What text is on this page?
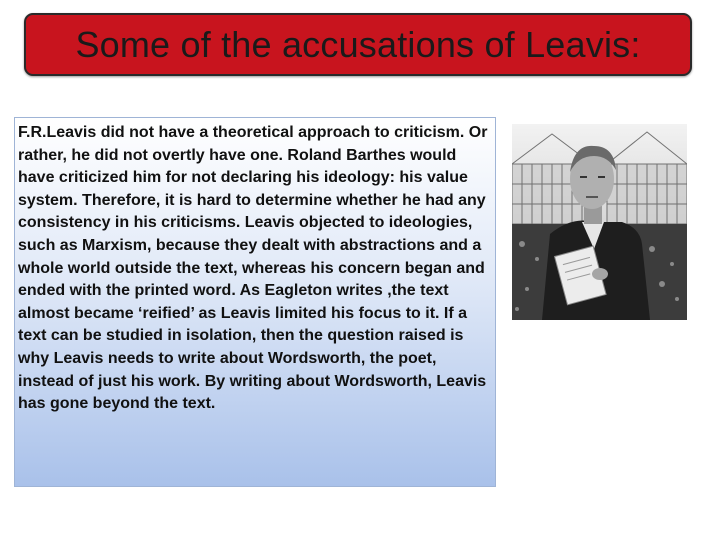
Some of the accusations of Leavis:

F.R.Leavis did not have a theoretical approach to criticism. Or rather, he did not overtly have one. Roland Barthes would have criticized him for not declaring his ideology: his value system. Therefore, it is hard to determine whether he had any consistency in his criticisms. Leavis objected to ideologies, such as Marxism, because they dealt with abstractions and a whole world outside the text, whereas his concern began and ended with the printed word. As Eagleton writes ,the text almost became ‘reified’ as Leavis limited his focus to it. If a text can be studied in isolation, then the question raised is why Leavis needs to write about Wordsworth, the poet, instead of just his work. By writing about Wordsworth, Leavis has gone beyond the text.
